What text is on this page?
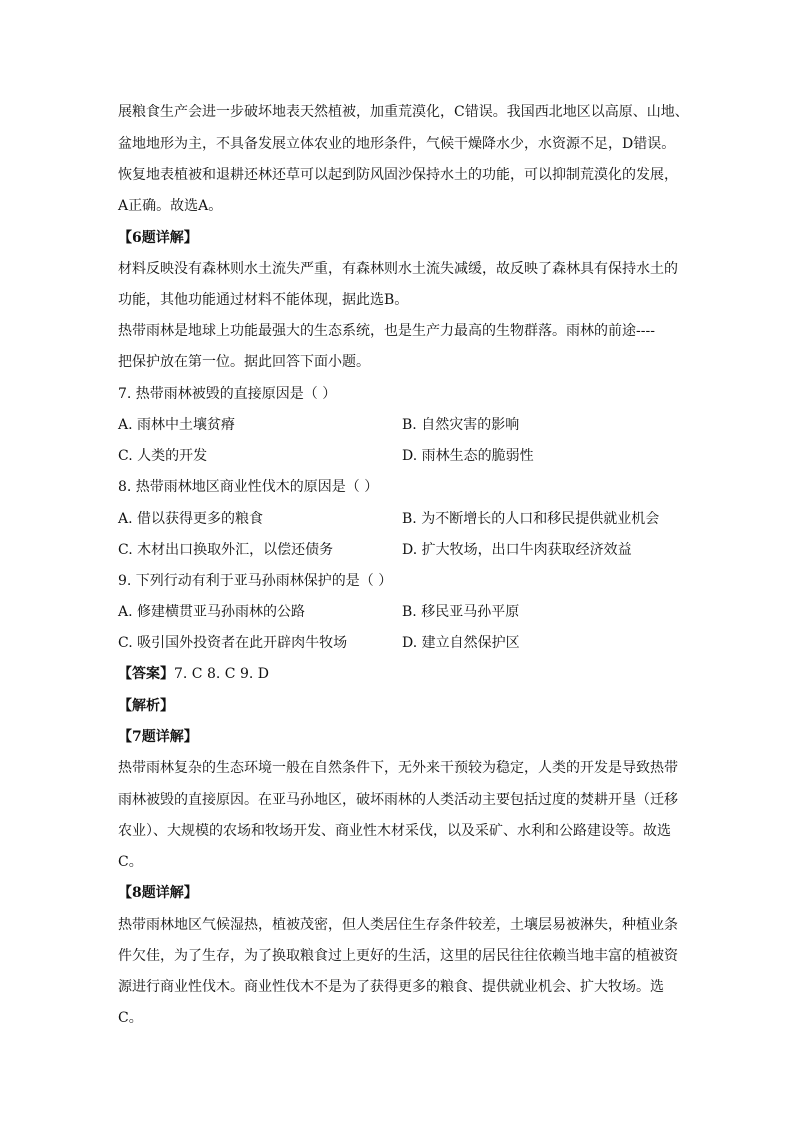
展粮食生产会进一步破坏地表天然植被，加重荒漠化，C错误。我国西北地区以高原、山地、
盆地地形为主，不具备发展立体农业的地形条件，气候干燥降水少，水资源不足，D错误。
恢复地表植被和退耕还林还草可以起到防风固沙保持水土的功能，可以抑制荒漠化的发展，
A正确。故选A。
【6题详解】
材料反映没有森林则水土流失严重，有森林则水土流失减缓，故反映了森林具有保持水土的
功能，其他功能通过材料不能体现，据此选B。
热带雨林是地球上功能最强大的生态系统，也是生产力最高的生物群落。雨林的前途----
把保护放在第一位。据此回答下面小题。
7. 热带雨林被毁的直接原因是（ ）
A. 雨林中土壤贫瘠	B. 自然灾害的影响
C. 人类的开发	D. 雨林生态的脆弱性
8. 热带雨林地区商业性伐木的原因是（ ）
A. 借以获得更多的粮食	B. 为不断增长的人口和移民提供就业机会
C. 木材出口换取外汇，以偿还债务	D. 扩大牧场，出口牛肉获取经济效益
9. 下列行动有利于亚马孙雨林保护的是（ ）
A. 修建横贯亚马孙雨林的公路	B. 移民亚马孙平原
C. 吸引国外投资者在此开辟肉牛牧场	D. 建立自然保护区
【答案】7. C 8. C 9. D
【解析】
【7题详解】
热带雨林复杂的生态环境一般在自然条件下，无外来干预较为稳定，人类的开发是导致热带
雨林被毁的直接原因。在亚马孙地区，破坏雨林的人类活动主要包括过度的焚耕开垦（迁移
农业）、大规模的农场和牧场开发、商业性木材采伐，以及采矿、水利和公路建设等。故选
C。
【8题详解】
热带雨林地区气候湿热，植被茂密，但人类居住生存条件较差，土壤层易被淋失，种植业条
件欠佳，为了生存，为了换取粮食过上更好的生活，这里的居民往往依赖当地丰富的植被资
源进行商业性伐木。商业性伐木不是为了获得更多的粮食、提供就业机会、扩大牧场。选
C。
